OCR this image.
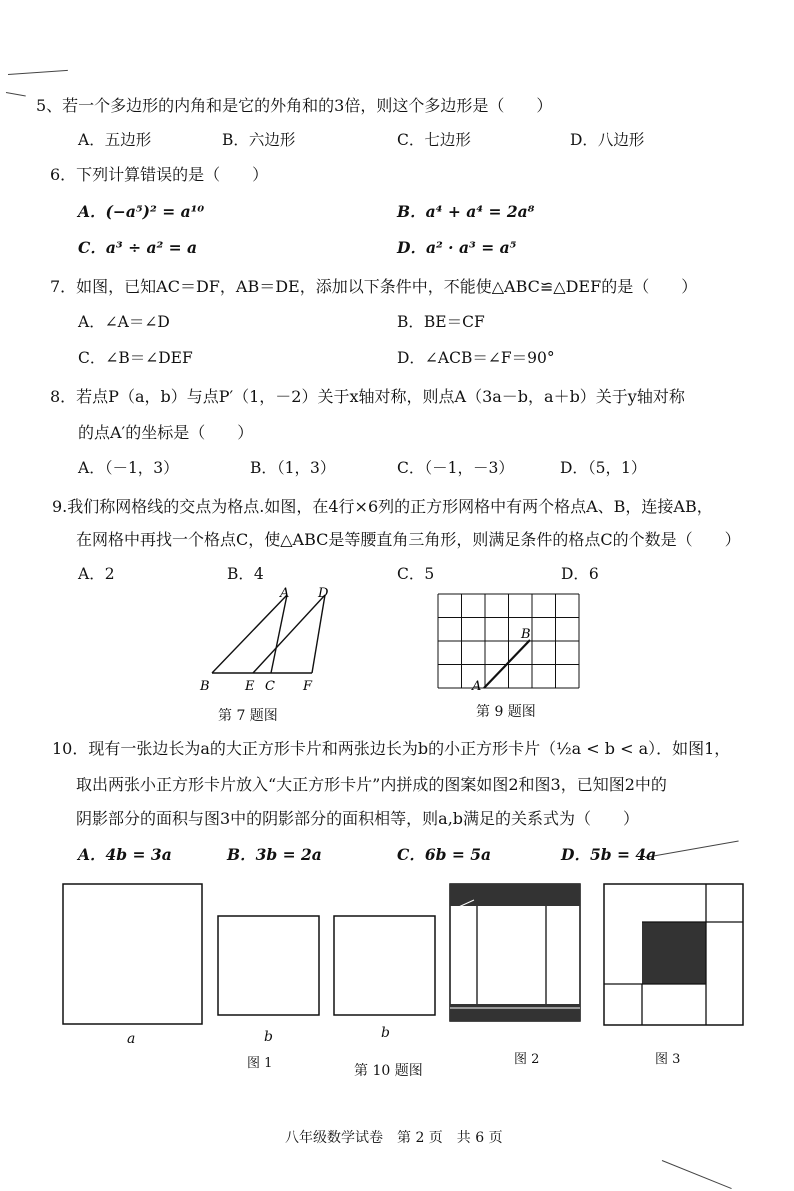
5、若一个多边形的内角和是它的外角和的3倍，则这个多边形是（　　）
A．五边形	B．六边形	C．七边形	D．八边形
6．下列计算错误的是（　　）
A．(−a⁵)² = a¹⁰	B．a⁴ + a⁴ = 2a⁸
C．a³ ÷ a² = a	D．a² · a³ = a⁵
7．如图，已知AC＝DF，AB＝DE，添加以下条件中，不能使△ABC≌△DEF的是（　　）
A．∠A＝∠D	B．BE＝CF
C．∠B＝∠DEF	D．∠ACB＝∠F＝90°
8．若点P（a，b）与点P′（1，－2）关于x轴对称，则点A（3a－b，a＋b）关于y轴对称
的点A′的坐标是（　　）
A．（－1，3）	B．（1，3）	C．（－1，－3）	D．（5，1）
9.我们称网格线的交点为格点.如图，在4行×6列的正方形网格中有两个格点A、B，连接AB，
在网格中再找一个格点C，使△ABC是等腰直角三角形，则满足条件的格点C的个数是（　　）
A．2	B．4	C．5	D．6
A D
B	E C F
第 7 题图
A
B
第 9 题图
10．现有一张边长为a的大正方形卡片和两张边长为b的小正方形卡片（½a < b < a）．如图1，
取出两张小正方形卡片放入“大正方形卡片”内拼成的图案如图2和图3，已知图2中的
阴影部分的面积与图3中的阴影部分的面积相等，则a,b满足的关系式为（　　）
A．4b = 3a	B．3b = 2a	C．6b = 5a	D．5b = 4a
a	b	b
图 1	图 2	图 3
第 10 题图
八年级数学试卷　第 2 页　共 6 页
